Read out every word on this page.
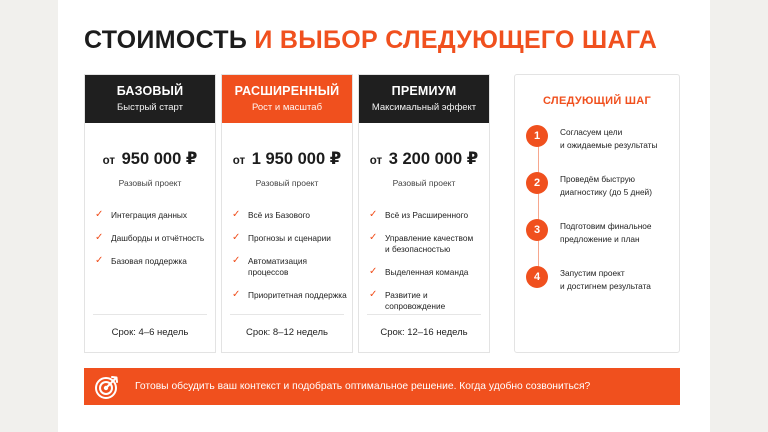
СТОИМОСТЬ И ВЫБОР СЛЕДУЮЩЕГО ШАГА
БАЗОВЫЙ
Быстрый старт
от 950 000 ₽
Разовый проект
✓ Интеграция данных
✓ Дашборды и отчётность
✓ Базовая поддержка
Срок: 4–6 недель
РАСШИРЕННЫЙ
Рост и масштаб
от 1 950 000 ₽
Разовый проект
✓ Всё из Базового
✓ Прогнозы и сценарии
✓ Автоматизация процессов
✓ Приоритетная поддержка
Срок: 8–12 недель
ПРЕМИУМ
Максимальный эффект
от 3 200 000 ₽
Разовый проект
✓ Всё из Расширенного
✓ Управление качеством
и безопасностью
✓ Выделенная команда
✓ Развитие и сопровождение
Срок: 12–16 недель
СЛЕДУЮЩИЙ ШАГ
1	Согласуем цели
и ожидаемые результаты
2	Проведём быструю
диагностику (до 5 дней)
3	Подготовим финальное
предложение и план
4	Запустим проект
и достигнем результата
Готовы обсудить ваш контекст и подобрать оптимальное решение. Когда удобно созвониться?
